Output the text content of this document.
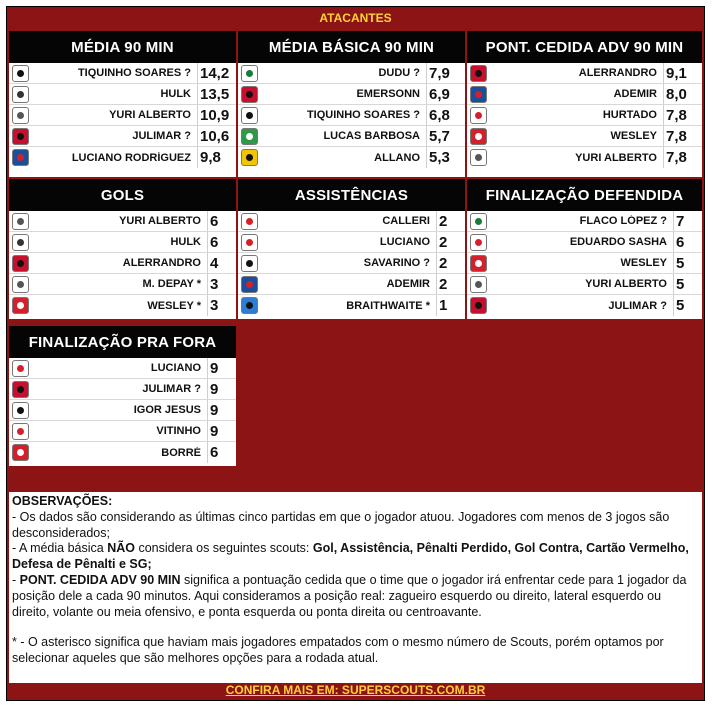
ATACANTES
MÉDIA 90 MIN
TIQUINHO SOARES ? 14,2
HULK 13,5
YURI ALBERTO 10,9
JULIMAR ? 10,6
LUCIANO RODRÍGUEZ 9,8
MÉDIA BÁSICA 90 MIN
DUDU ? 7,9
EMERSONN 6,9
TIQUINHO SOARES ? 6,8
LUCAS BARBOSA 5,7
ALLANO 5,3
PONT. CEDIDA ADV 90 MIN
ALERRANDRO 9,1
ADEMIR 8,0
HURTADO 7,8
WESLEY 7,8
YURI ALBERTO 7,8
GOLS
YURI ALBERTO 6
HULK 6
ALERRANDRO 4
M. DEPAY * 3
WESLEY * 3
ASSISTÊNCIAS
CALLERI 2
LUCIANO 2
SAVARINO ? 2
ADEMIR 2
BRAITHWAITE * 1
FINALIZAÇÃO DEFENDIDA
FLACO LÓPEZ ? 7
EDUARDO SASHA 6
WESLEY 5
YURI ALBERTO 5
JULIMAR ? 5
FINALIZAÇÃO PRA FORA
LUCIANO 9
JULIMAR ? 9
IGOR JESUS 9
VITINHO 9
BORRÉ 6

OBSERVAÇÕES:

- Os dados são considerando as últimas cinco partidas em que o jogador atuou. Jogadores com menos de 3 jogos são desconsiderados;

- A média básica NÃO considera os seguintes scouts: Gol, Assistência, Pênalti Perdido, Gol Contra, Cartão Vermelho, Defesa de Pênalti e SG;

- PONT. CEDIDA ADV 90 MIN significa a pontuação cedida que o time que o jogador irá enfrentar cede para 1 jogador da posição dele a cada 90 minutos. Aqui consideramos a posição real: zagueiro esquerdo ou direito, lateral esquerdo ou direito, volante ou meia ofensivo, e ponta esquerda ou ponta direita ou centroavante.

* - O asterisco significa que haviam mais jogadores empatados com o mesmo número de Scouts, porém optamos por selecionar aqueles que são melhores opções para a rodada atual.

CONFIRA MAIS EM: SUPERSCOUTS.COM.BR
